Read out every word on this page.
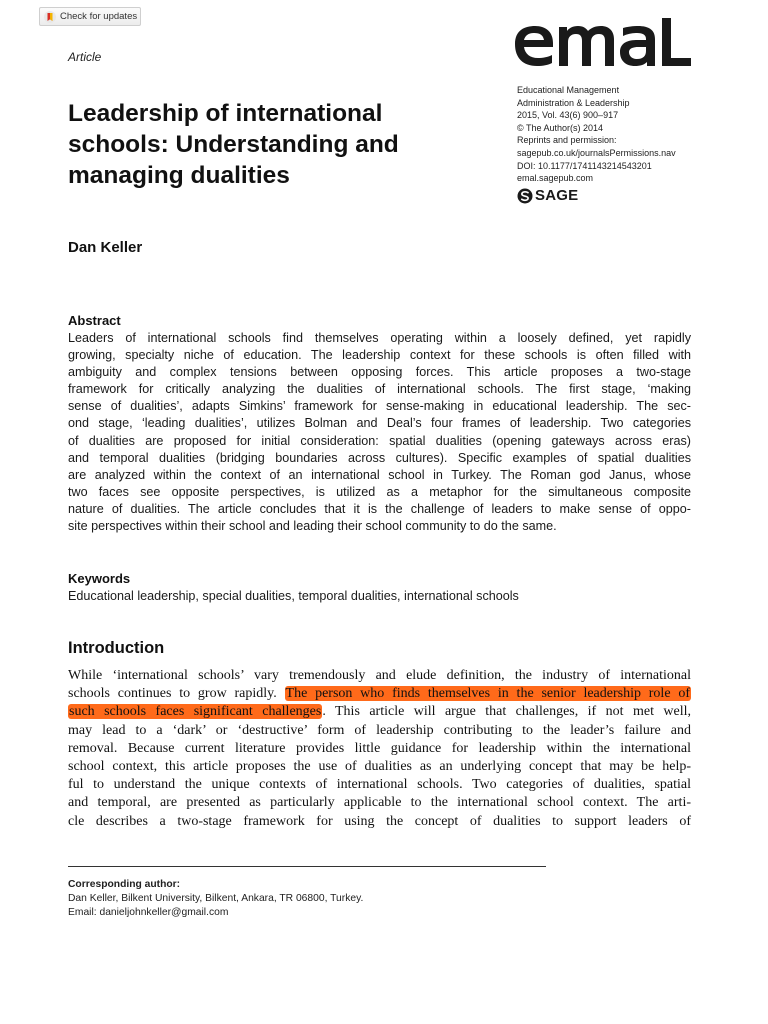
Check for updates
Article
Educational Management
Administration & Leadership
2015, Vol. 43(6) 900–917
© The Author(s) 2014
Reprints and permission:
sagepub.co.uk/journalsPermissions.nav
DOI: 10.1177/1741143214543201
emal.sagepub.com
SAGE
Leadership of international
schools: Understanding and
managing dualities
Dan Keller
Abstract
Leaders of international schools find themselves operating within a loosely defined, yet rapidly
growing, specialty niche of education. The leadership context for these schools is often filled with
ambiguity and complex tensions between opposing forces. This article proposes a two-stage
framework for critically analyzing the dualities of international schools. The first stage, ‘making
sense of dualities’, adapts Simkins’ framework for sense-making in educational leadership. The sec-
ond stage, ‘leading dualities’, utilizes Bolman and Deal’s four frames of leadership. Two categories
of dualities are proposed for initial consideration: spatial dualities (opening gateways across eras)
and temporal dualities (bridging boundaries across cultures). Specific examples of spatial dualities
are analyzed within the context of an international school in Turkey. The Roman god Janus, whose
two faces see opposite perspectives, is utilized as a metaphor for the simultaneous composite
nature of dualities. The article concludes that it is the challenge of leaders to make sense of oppo-
site perspectives within their school and leading their school community to do the same.
Keywords
Educational leadership, special dualities, temporal dualities, international schools
Introduction
While ‘international schools’ vary tremendously and elude definition, the industry of international
schools continues to grow rapidly. The person who finds themselves in the senior leadership role of
such schools faces significant challenges. This article will argue that challenges, if not met well,
may lead to a ‘dark’ or ‘destructive’ form of leadership contributing to the leader’s failure and
removal. Because current literature provides little guidance for leadership within the international
school context, this article proposes the use of dualities as an underlying concept that may be help-
ful to understand the unique contexts of international schools. Two categories of dualities, spatial
and temporal, are presented as particularly applicable to the international school context. The arti-
cle describes a two-stage framework for using the concept of dualities to support leaders of
Corresponding author:
Dan Keller, Bilkent University, Bilkent, Ankara, TR 06800, Turkey.
Email: danieljohnkeller@gmail.com
